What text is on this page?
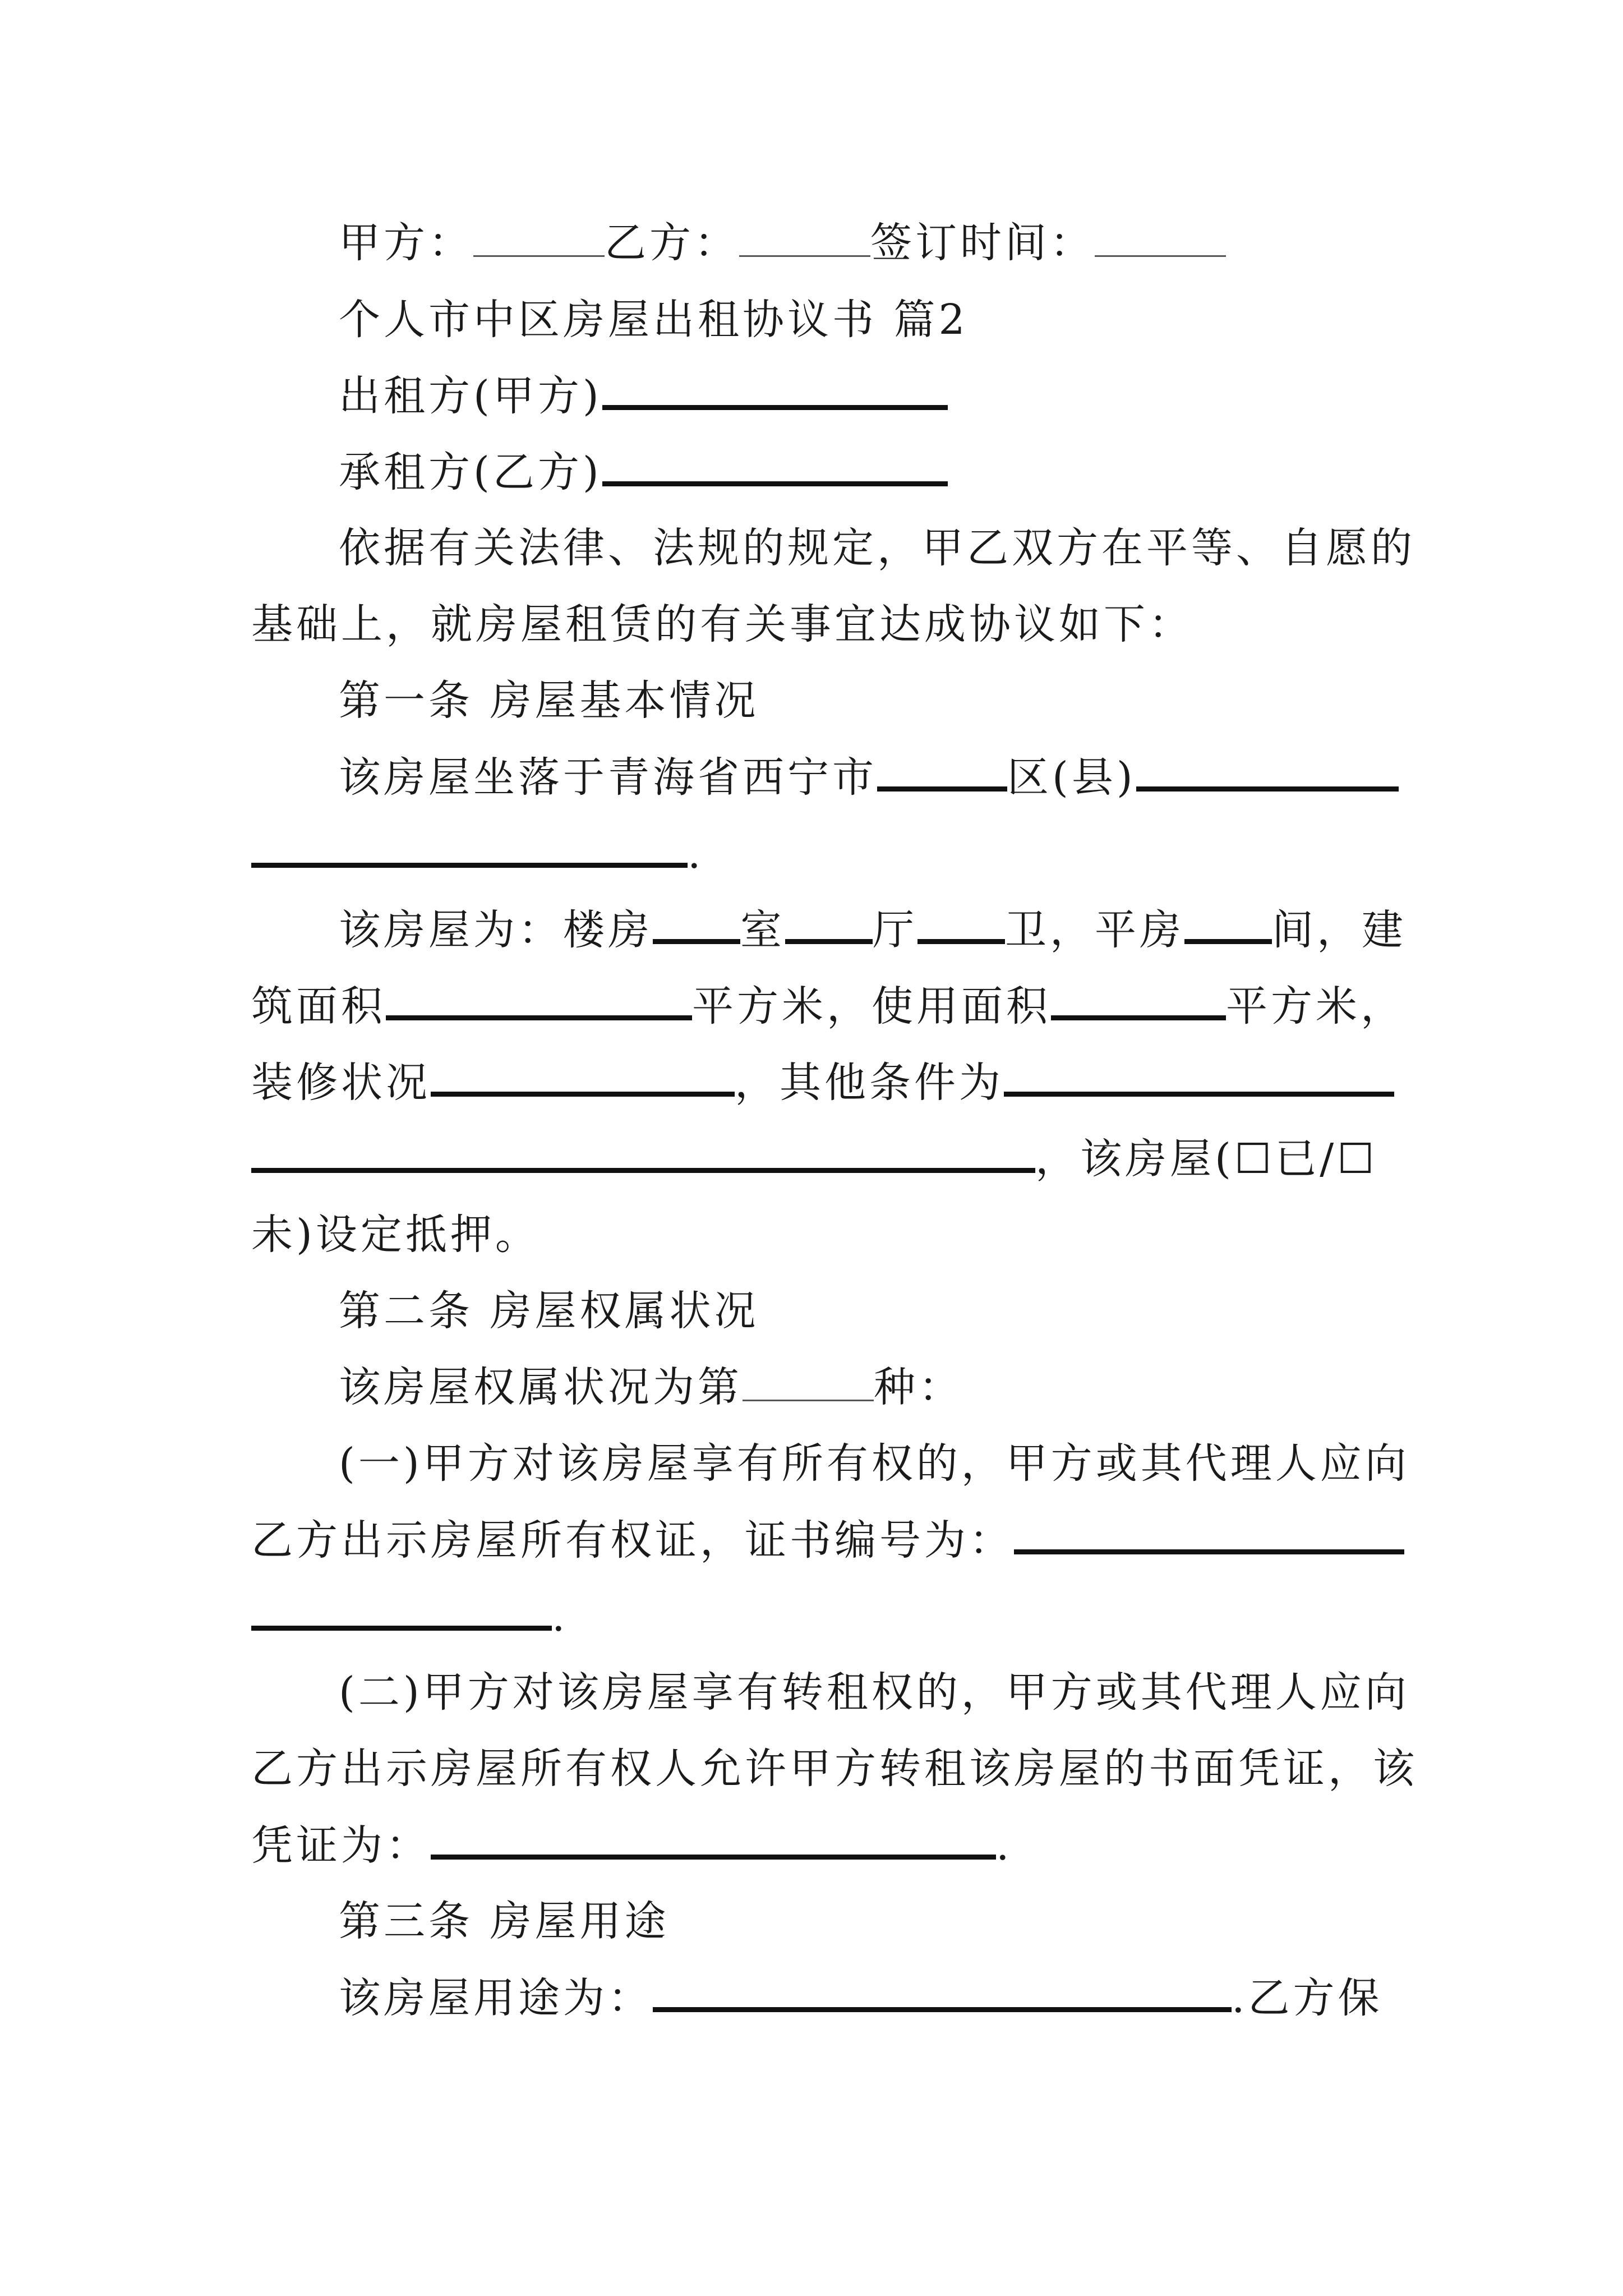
甲方：	乙方：	签订时间：
个人市中区房屋出租协议书 篇2
出租方(甲方)
承租方(乙方)
依据有关法律、法规的规定，甲乙双方在平等、自愿的
基础上，就房屋租赁的有关事宜达成协议如下：
第一条 房屋基本情况
该房屋坐落于青海省西宁市	区(县)
.
该房屋为：楼房 室 厅 卫，平房 间，建
筑面积	平方米，使用面积	平方米，
装修状况	，其他条件为
，该房屋(☐已/☐
未)设定抵押。
第二条 房屋权属状况
该房屋权属状况为第	种：
(一)甲方对该房屋享有所有权的，甲方或其代理人应向
乙方出示房屋所有权证，证书编号为：
.
(二)甲方对该房屋享有转租权的，甲方或其代理人应向
乙方出示房屋所有权人允许甲方转租该房屋的书面凭证，该
凭证为：	.
第三条 房屋用途
该房屋用途为：	.乙方保
